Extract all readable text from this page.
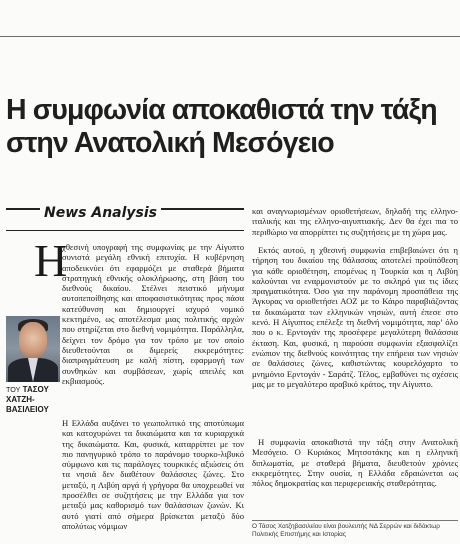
Η συμφωνία αποκαθιστά την τάξη στην Ανατολική Μεσόγειο
News Analysis
Η

χθεσινή υπογραφή της συμφωνίας με την Αίγυπτο συνιστά μεγάλη εθνική επιτυχία. Η κυβέρνηση αποδεικνύει ότι εφαρμόζει με σταθερά βήματα στρατηγική εθνικής ολοκλήρωσης, στη βάση του διεθνούς δικαίου. Στέλνει πειστικό μήνυμα αυτοπεποίθησης και αποφασιστικότητας προς πάσα κατεύθυνση και δημιουργεί ισχυρό νομικό κεκτημένο, ως αποτέλεσμα μιας πολιτικής αρχών που στηρίζεται στο διεθνή νομιμότητα. Παράλληλα, δείχνει τον δρόμο για τον τρόπο με τον οποίο διευθετούνται οι διμερείς εκκρεμότητες: διαπραγμάτευση με καλή πίστη, εφαρμογή των συνθηκών και συμβάσεων, χωρίς απειλές και εκβιασμούς.

ΤΟΥ ΤΑΣΟΥ ΧΑΤΖΗ-ΒΑΣΙΛΕΙΟΥ

Η Ελλάδα αυξάνει το γεωπολιτικό της αποτύπωμα και κατοχυρώνει τα δικαιώματα και τα κυριαρχικά της δικαιώματα. Και, φυσικά, καταρρίπτει με τον πιο πανηγυρικό τρόπο το παράνομο τουρκο-λιβυκό σύμφωνο και τις παράλογες τουρκικές αξιώσεις ότι τα νησιά δεν διαθέτουν θαλάσσιες ζώνες. Στο μεταξύ, η Λιβύη αργά ή γρήγορα θα υποχρεωθεί να προσέλθει σε συζητήσεις με την Ελλάδα για τον μεταξύ μας καθορισμό των θαλάσσιων ζωνών. Κι αυτό γιατί από σήμερα βρίσκεται μεταξύ δύο απολύτως νόμιμων

και αναγνωρισμένων οριοθετήσεων, δηλαδή της ελληνο-ιταλικής και της ελληνο-αιγυπτιακής. Δεν θα έχει πια το περιθώριο να απορρίπτει τις συζητήσεις με τη χώρα μας.

Εκτός αυτού, η χθεσινή συμφωνία επιβεβαιώνει ότι η τήρηση του δικαίου της θάλασσας αποτελεί προϋπόθεση για κάθε οριοθέτηση, επομένως η Τουρκία και η Λιβύη καλούνται να εναρμονιστούν με το σκληρό για τις ίδιες πραγματικότητα. Όσο για την παράνομη προσπάθεια της Άγκυρας να οριοθετήσει ΑΟΖ με το Κάιρο παραβιάζοντας τα δικαιώματα των ελληνικών νησιών, αυτή έπεσε στο κενό. Η Αίγυπτος επέλεξε τη διεθνή νομιμότητα, παρ’ όλο που ο κ. Ερντογάν της προσέφερε μεγαλύτερη θαλάσσια έκταση. Και, φυσικά, η παρούσα συμφωνία εξασφαλίζει ενώπιον της διεθνούς κοινότητας την επήρεια των νησιών σε θαλάσσιες ζώνες, καθιστώντας κουρελόχαρτο το μνημόνιο Ερντογάν - Σαράτζ. Τέλος, εμβαθύνει τις σχέσεις μας με το μεγαλύτερο αραβικό κράτος, την Αίγυπτο.

Η συμφωνία αποκαθιστά την τάξη στην Ανατολική Μεσόγειο. Ο Κυριάκος Μητσοτάκης και η ελληνική διπλωματία, με σταθερά βήματα, διευθετούν χρόνιες εκκρεμότητες. Στην ουσία, η Ελλάδα εδραιώνεται ως πόλος δημοκρατίας και περιφερειακής σταθερότητας.

Ο Τάσος Χατζηβασιλείου είναι βουλευτής ΝΔ Σερρών και διδάκτωρ Πολιτικής Επιστήμης και Ιστορίας
